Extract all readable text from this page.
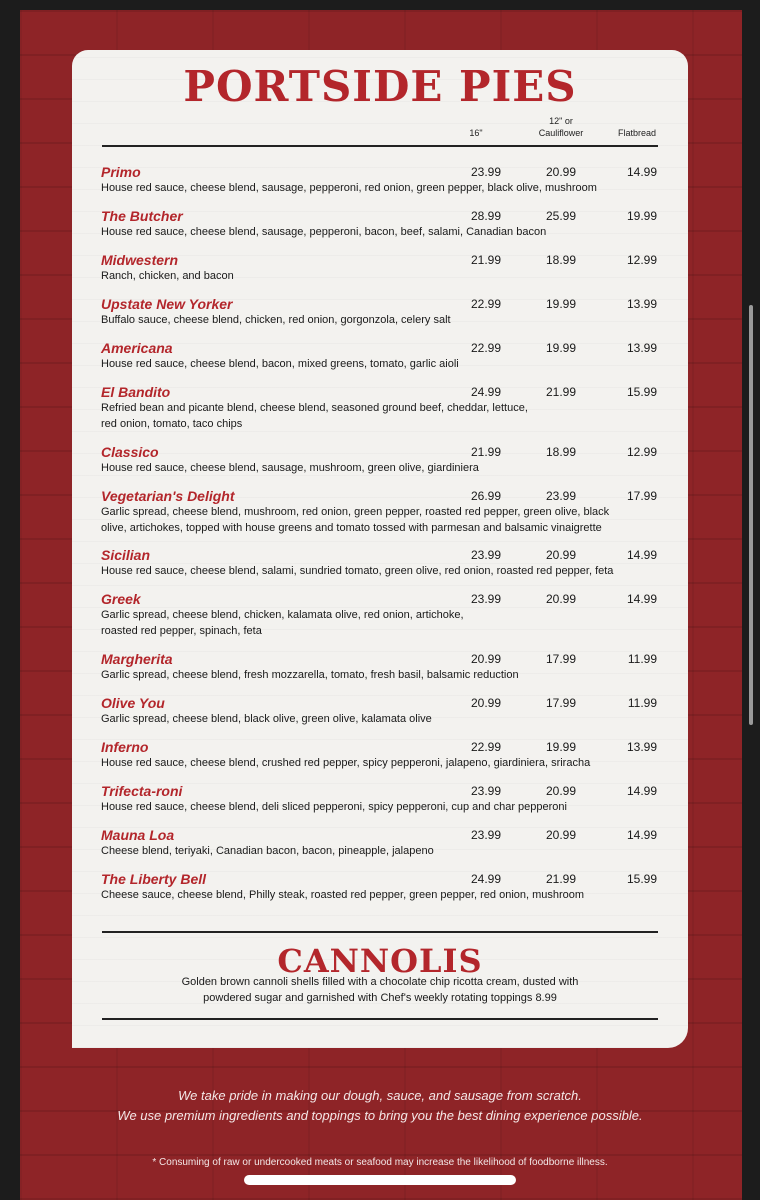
PORTSIDE PIES
16"
12" or Cauliflower	Flatbread
Primo	23.99	20.99	14.99
House red sauce, cheese blend, sausage, pepperoni, red onion, green pepper, black olive, mushroom
The Butcher	28.99	25.99	19.99
House red sauce, cheese blend, sausage, pepperoni, bacon, beef, salami, Canadian bacon
Midwestern	21.99	18.99	12.99
Ranch, chicken, and bacon
Upstate New Yorker	22.99	19.99	13.99
Buffalo sauce, cheese blend, chicken, red onion, gorgonzola, celery salt
Americana	22.99	19.99	13.99
House red sauce, cheese blend, bacon, mixed greens, tomato, garlic aioli
El Bandito	24.99	21.99	15.99
Refried bean and picante blend, cheese blend, seasoned ground beef, cheddar, lettuce,
red onion, tomato, taco chips
Classico	21.99	18.99	12.99
House red sauce, cheese blend, sausage, mushroom, green olive, giardiniera
Vegetarian's Delight	26.99	23.99	17.99
Garlic spread, cheese blend, mushroom, red onion, green pepper, roasted red pepper, green olive, black
olive, artichokes, topped with house greens and tomato tossed with parmesan and balsamic vinaigrette
Sicilian	23.99	20.99	14.99
House red sauce, cheese blend, salami, sundried tomato, green olive, red onion, roasted red pepper, feta
Greek	23.99	20.99	14.99
Garlic spread, cheese blend, chicken, kalamata olive, red onion, artichoke,
roasted red pepper, spinach, feta
Margherita	20.99	17.99	11.99
Garlic spread, cheese blend, fresh mozzarella, tomato, fresh basil, balsamic reduction
Olive You	20.99	17.99	11.99
Garlic spread, cheese blend, black olive, green olive, kalamata olive
Inferno	22.99	19.99	13.99
House red sauce, cheese blend, crushed red pepper, spicy pepperoni, jalapeno, giardiniera, sriracha
Trifecta-roni	23.99	20.99	14.99
House red sauce, cheese blend, deli sliced pepperoni, spicy pepperoni, cup and char pepperoni
Mauna Loa	23.99	20.99	14.99
Cheese blend, teriyaki, Canadian bacon, bacon, pineapple, jalapeno
The Liberty Bell	24.99	21.99	15.99
Cheese sauce, cheese blend, Philly steak, roasted red pepper, green pepper, red onion, mushroom
CANNOLIS
Golden brown cannoli shells filled with a chocolate chip ricotta cream, dusted with
powdered sugar and garnished with Chef's weekly rotating toppings 8.99
We take pride in making our dough, sauce, and sausage from scratch.
We use premium ingredients and toppings to bring you the best dining experience possible.
* Consuming of raw or undercooked meats or seafood may increase the likelihood of foodborne illness.
